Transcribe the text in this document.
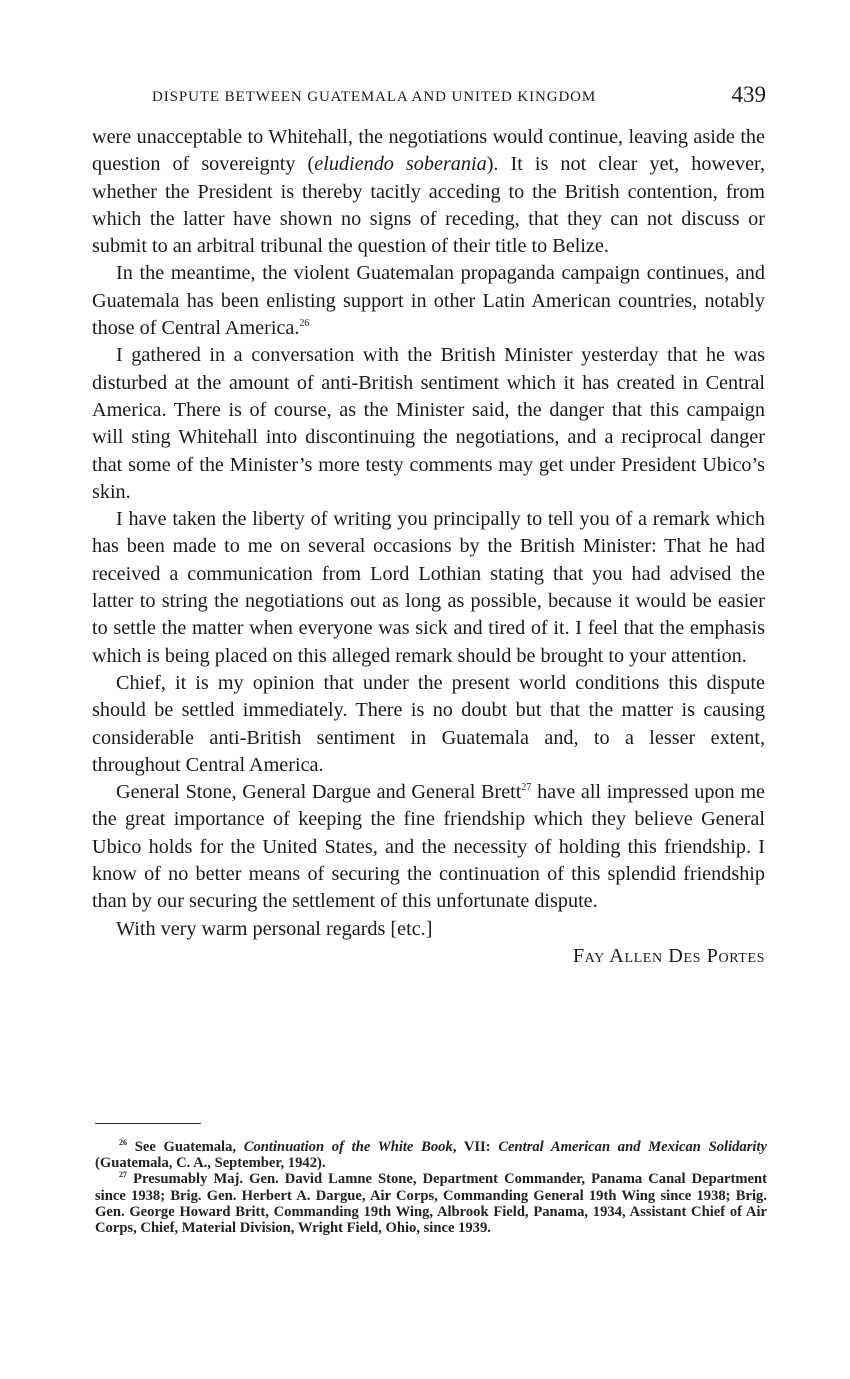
DISPUTE BETWEEN GUATEMALA AND UNITED KINGDOM	439

were unacceptable to Whitehall, the negotiations would continue, leaving aside the question of sovereignty (eludiendo soberania). It is not clear yet, however, whether the President is thereby tacitly acceding to the British contention, from which the latter have shown no signs of receding, that they can not discuss or submit to an arbitral tribunal the question of their title to Belize.

In the meantime, the violent Guatemalan propaganda campaign continues, and Guatemala has been enlisting support in other Latin American countries, notably those of Central America.$^{26}$

I gathered in a conversation with the British Minister yesterday that he was disturbed at the amount of anti-British sentiment which it has created in Central America. There is of course, as the Minister said, the danger that this campaign will sting Whitehall into discontinuing the negotiations, and a reciprocal danger that some of the Minister’s more testy comments may get under President Ubico’s skin.

I have taken the liberty of writing you principally to tell you of a remark which has been made to me on several occasions by the British Minister: That he had received a communication from Lord Lothian stating that you had advised the latter to string the negotiations out as long as possible, because it would be easier to settle the matter when everyone was sick and tired of it. I feel that the emphasis which is being placed on this alleged remark should be brought to your attention.

Chief, it is my opinion that under the present world conditions this dispute should be settled immediately. There is no doubt but that the matter is causing considerable anti-British sentiment in Guatemala and, to a lesser extent, throughout Central America.

General Stone, General Dargue and General Brett$^{27}$ have all impressed upon me the great importance of keeping the fine friendship which they believe General Ubico holds for the United States, and the necessity of holding this friendship. I know of no better means of securing the continuation of this splendid friendship than by our securing the settlement of this unfortunate dispute.

With very warm personal regards [etc.]

Fay Allen Des Portes

$^{26}$ See Guatemala, Continuation of the White Book, VII: Central American and Mexican Solidarity (Guatemala, C. A., September, 1942).

$^{27}$ Presumably Maj. Gen. David Lamne Stone, Department Commander, Panama Canal Department since 1938; Brig. Gen. Herbert A. Dargue, Air Corps, Commanding General 19th Wing since 1938; Brig. Gen. George Howard Britt, Commanding 19th Wing, Albrook Field, Panama, 1934, Assistant Chief of Air Corps, Chief, Material Division, Wright Field, Ohio, since 1939.
